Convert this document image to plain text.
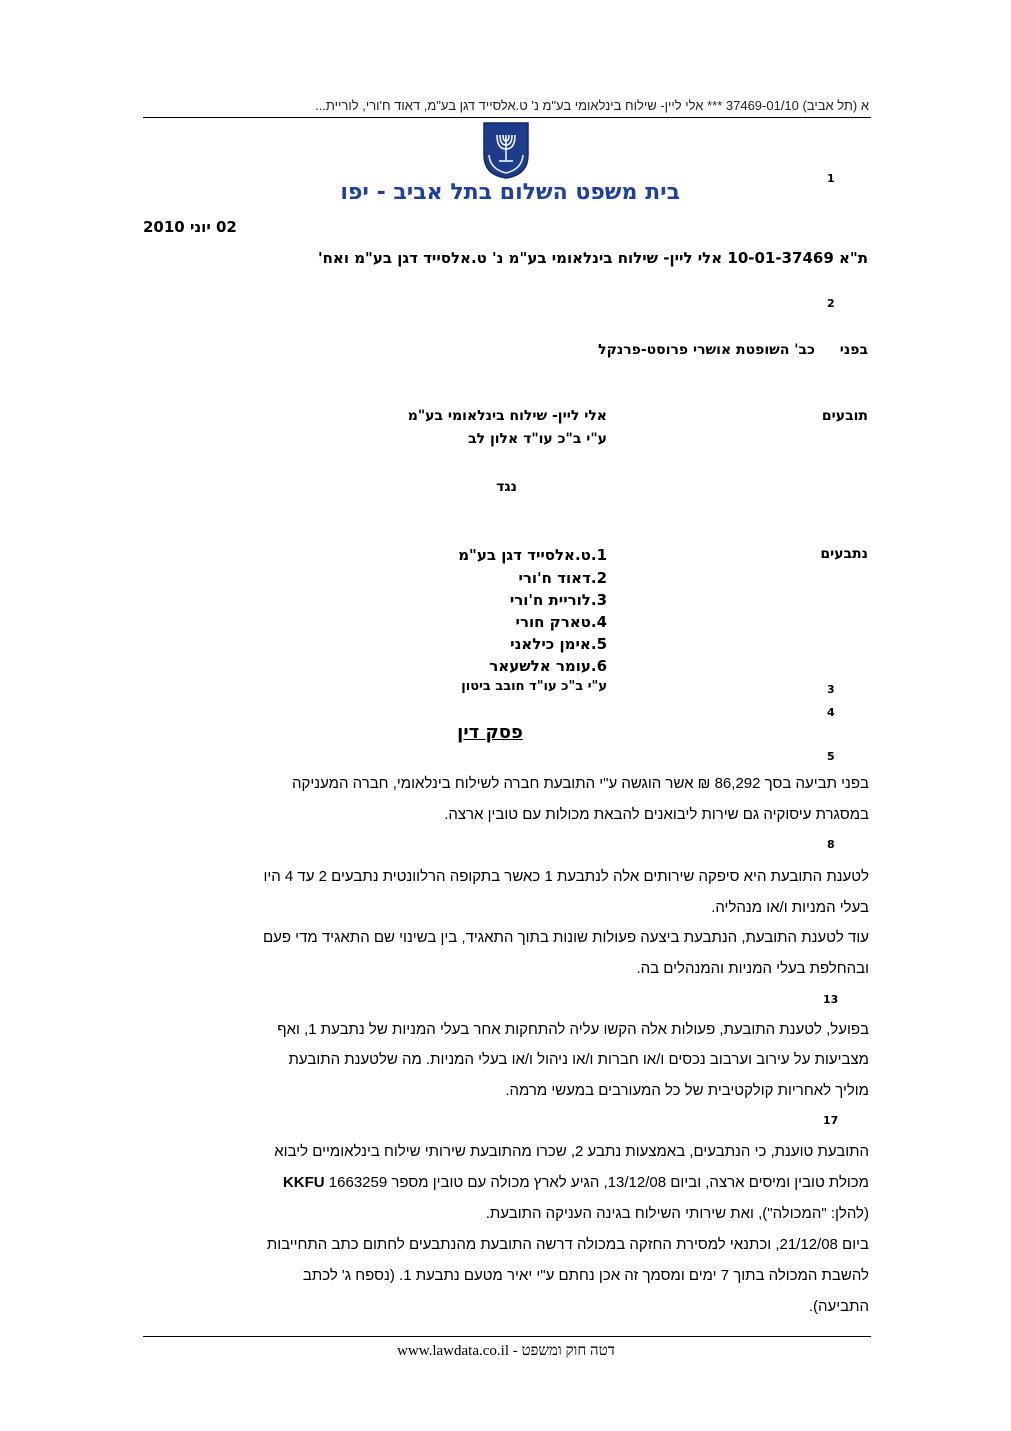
א (תל אביב) 37469-01/10 *** אלי ליין- שילוח בינלאומי בע"מ נ' ט.אלסייד דגן בע"מ, דאוד ח'ורי, לוריית...
1
בית משפט השלום בתל אביב - יפו
02 יוני 2010
ת"א 10-01-37469 אלי ליין- שילוח בינלאומי בע"מ נ' ט.אלסייד דגן בע"מ ואח'
2
בפני
כב' השופטת אושרי פרוסט-פרנקל
תובעים
אלי ליין- שילוח בינלאומי בע"מ
ע"י ב"כ עו"ד אלון לב
נגד
נתבעים
1.ט.אלסייד דגן בע"מ
2.דאוד ח'ורי
3.לוריית ח'ורי
4.טארק חורי
5.אימן כילאני
6.עומר אלשעאר
ע"י ב"כ עו"ד חובב ביטון	3
4
פסק דין
5
בפני תביעה בסך 86,292 ₪ אשר הוגשה ע"י התובעת חברה לשילוח בינלאומי, חברה המעניקה
במסגרת עיסוקיה גם שירות ליבואנים להבאת מכולות עם טובין ארצה.
8
לטענת התובעת היא סיפקה שירותים אלה לנתבעת 1 כאשר בתקופה הרלוונטית נתבעים 2 עד 4 היו
בעלי המניות ו/או מנהליה.
עוד לטענת התובעת, הנתבעת ביצעה פעולות שונות בתוך התאגיד, בין בשינוי שם התאגיד מדי פעם
ובהחלפת בעלי המניות והמנהלים בה.
13
בפועל, לטענת התובעת, פעולות אלה הקשו עליה להתחקות אחר בעלי המניות של נתבעת 1, ואף
מצביעות על עירוב וערבוב נכסים ו/או חברות ו/או ניהול ו/או בעלי המניות. מה שלטענת התובעת
מוליך לאחריות קולקטיבית של כל המעורבים במעשי מרמה.
17
התובעת טוענת, כי הנתבעים, באמצעות נתבע 2, שכרו מהתובעת שירותי שילוח בינלאומיים ליבוא
מכולת טובין ומיסים ארצה, וביום 13/12/08, הגיע לארץ מכולה עם טובין מספר KKFU 1663259
(להלן: "המכולה"), ואת שירותי השילוח בגינה העניקה התובעת.
ביום 21/12/08, וכתנאי למסירת החזקה במכולה דרשה התובעת מהנתבעים לחתום כתב התחייבות
להשבת המכולה בתוך 7 ימים ומסמך זה אכן נחתם ע"י יאיר מטעם נתבעת 1. (נספח ג' לכתב
התביעה).
www.lawdata.co.il - דטה חוק ומשפט
